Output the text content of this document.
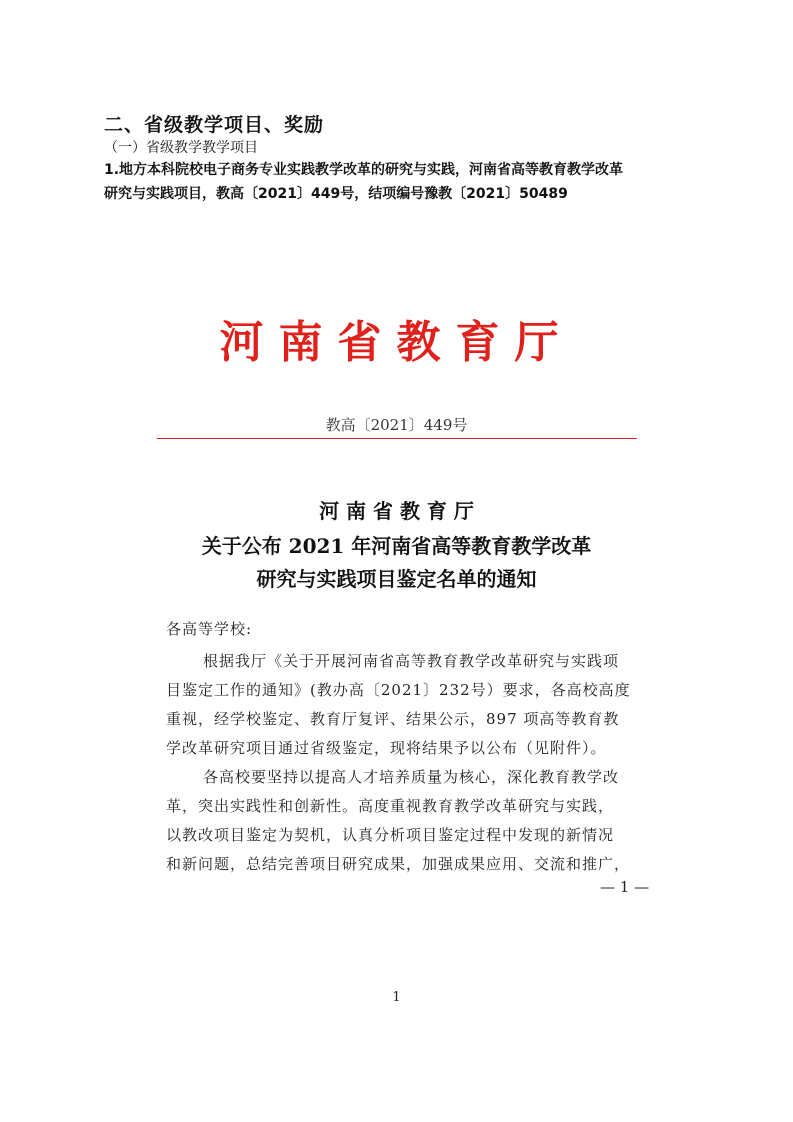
二、省级教学项目、奖励
（一）省级教学教学项目
1.地方本科院校电子商务专业实践教学改革的研究与实践，河南省高等教育教学改革
研究与实践项目，教高〔2021〕449号，结项编号豫教〔2021〕50489
河南省教育厅
教高〔2021〕449号
河 南 省 教 育 厅
关于公布 2021 年河南省高等教育教学改革
研究与实践项目鉴定名单的通知
各高等学校:
根据我厅《关于开展河南省高等教育教学改革研究与实践项
目鉴定工作的通知》(教办高〔2021〕232号）要求，各高校高度
重视，经学校鉴定、教育厅复评、结果公示，897 项高等教育教
学改革研究项目通过省级鉴定，现将结果予以公布（见附件）。
各高校要坚持以提高人才培养质量为核心，深化教育教学改
革，突出实践性和创新性。高度重视教育教学改革研究与实践，
以教改项目鉴定为契机，认真分析项目鉴定过程中发现的新情况
和新问题，总结完善项目研究成果，加强成果应用、交流和推广，
— 1 —
1
